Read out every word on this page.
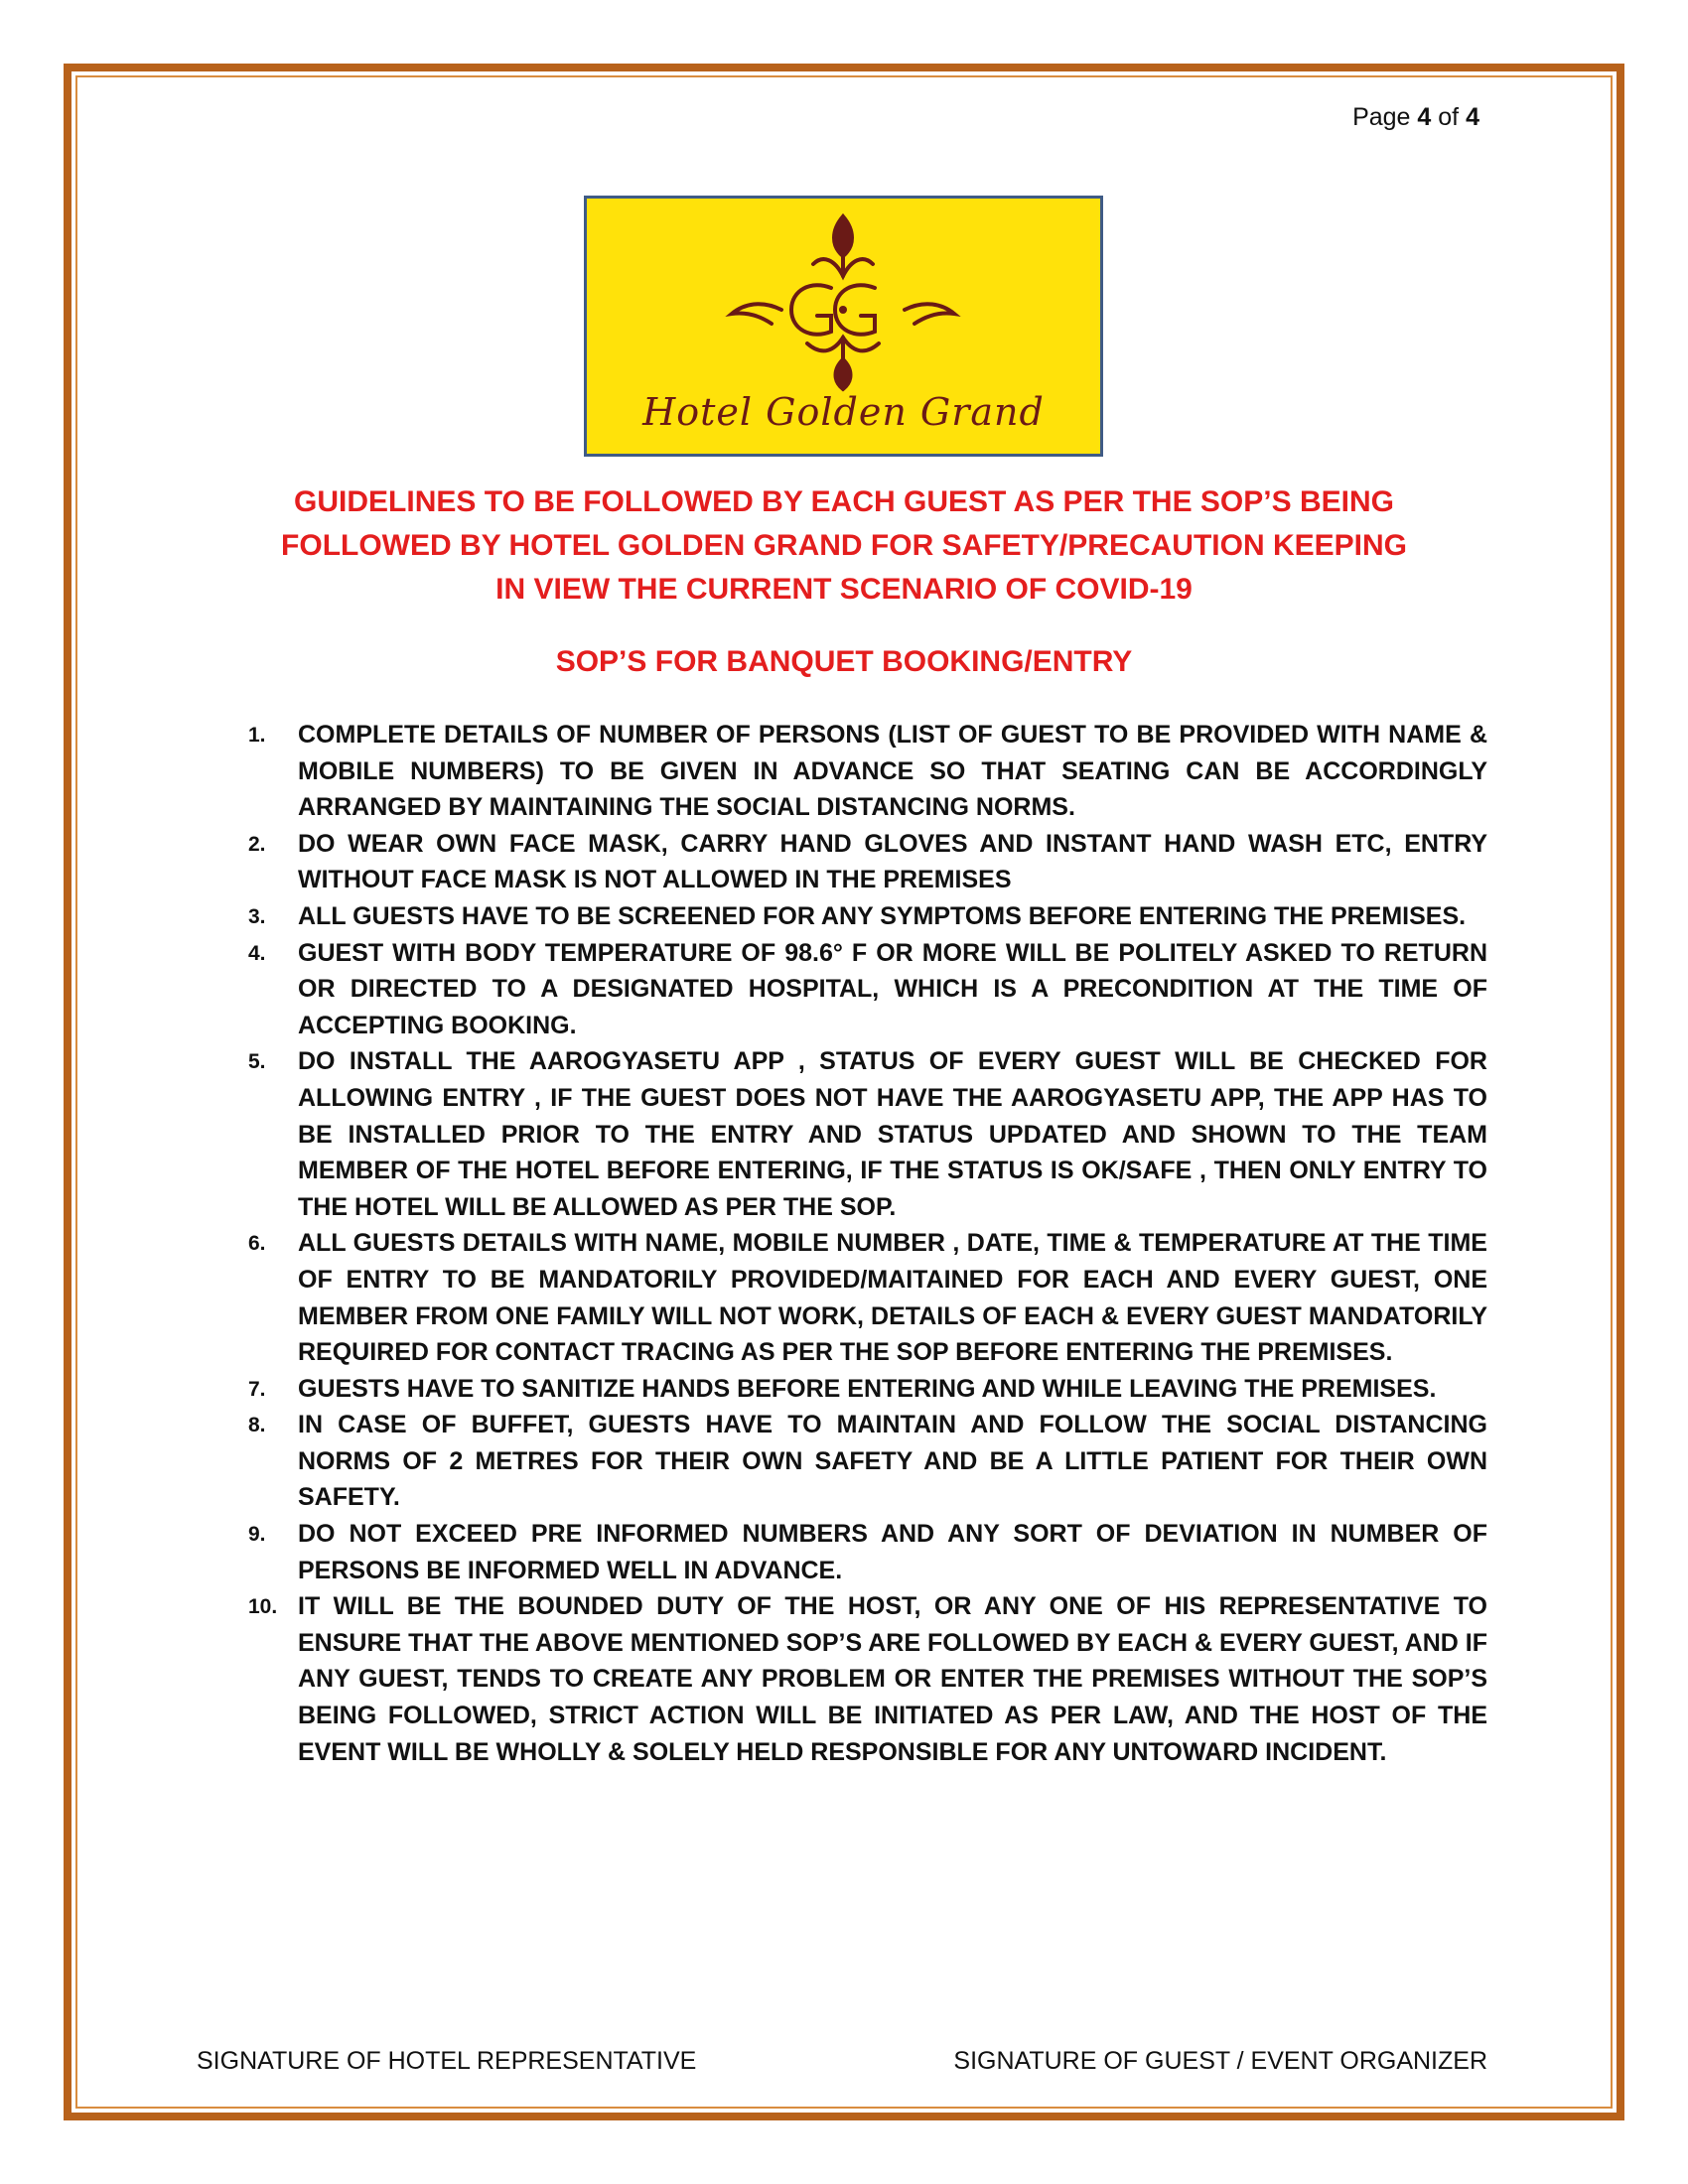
Page 4 of 4
Hotel Golden Grand
GUIDELINES TO BE FOLLOWED BY EACH GUEST AS PER THE SOP’S BEING
FOLLOWED BY HOTEL GOLDEN GRAND FOR SAFETY/PRECAUTION KEEPING
IN VIEW THE CURRENT SCENARIO OF COVID-19
SOP’S FOR BANQUET BOOKING/ENTRY
1. COMPLETE DETAILS OF NUMBER OF PERSONS (LIST OF GUEST TO BE PROVIDED WITH NAME & MOBILE NUMBERS) TO BE GIVEN IN ADVANCE SO THAT SEATING CAN BE ACCORDINGLY ARRANGED BY MAINTAINING THE SOCIAL DISTANCING NORMS.
2. DO WEAR OWN FACE MASK, CARRY HAND GLOVES AND INSTANT HAND WASH ETC, ENTRY WITHOUT FACE MASK IS NOT ALLOWED IN THE PREMISES
3. ALL GUESTS HAVE TO BE SCREENED FOR ANY SYMPTOMS BEFORE ENTERING THE PREMISES.
4. GUEST WITH BODY TEMPERATURE OF 98.6° F OR MORE WILL BE POLITELY ASKED TO RETURN OR DIRECTED TO A DESIGNATED HOSPITAL, WHICH IS A PRECONDITION AT THE TIME OF ACCEPTING BOOKING.
5. DO INSTALL THE AAROGYASETU APP , STATUS OF EVERY GUEST WILL BE CHECKED FOR ALLOWING ENTRY , IF THE GUEST DOES NOT HAVE THE AAROGYASETU APP, THE APP HAS TO BE INSTALLED PRIOR TO THE ENTRY AND STATUS UPDATED AND SHOWN TO THE TEAM MEMBER OF THE HOTEL BEFORE ENTERING, IF THE STATUS IS OK/SAFE , THEN ONLY ENTRY TO THE HOTEL WILL BE ALLOWED AS PER THE SOP.
6. ALL GUESTS DETAILS WITH NAME, MOBILE NUMBER , DATE, TIME & TEMPERATURE AT THE TIME OF ENTRY TO BE MANDATORILY PROVIDED/MAITAINED FOR EACH AND EVERY GUEST, ONE MEMBER FROM ONE FAMILY WILL NOT WORK, DETAILS OF EACH & EVERY GUEST MANDATORILY REQUIRED FOR CONTACT TRACING AS PER THE SOP BEFORE ENTERING THE PREMISES.
7. GUESTS HAVE TO SANITIZE HANDS BEFORE ENTERING AND WHILE LEAVING THE PREMISES.
8. IN CASE OF BUFFET, GUESTS HAVE TO MAINTAIN AND FOLLOW THE SOCIAL DISTANCING NORMS OF 2 METRES FOR THEIR OWN SAFETY AND BE A LITTLE PATIENT FOR THEIR OWN SAFETY.
9. DO NOT EXCEED PRE INFORMED NUMBERS AND ANY SORT OF DEVIATION IN NUMBER OF PERSONS BE INFORMED WELL IN ADVANCE.
10. IT WILL BE THE BOUNDED DUTY OF THE HOST, OR ANY ONE OF HIS REPRESENTATIVE TO ENSURE THAT THE ABOVE MENTIONED SOP’S ARE FOLLOWED BY EACH & EVERY GUEST, AND IF ANY GUEST, TENDS TO CREATE ANY PROBLEM OR ENTER THE PREMISES WITHOUT THE SOP’S BEING FOLLOWED, STRICT ACTION WILL BE INITIATED AS PER LAW, AND THE HOST OF THE EVENT WILL BE WHOLLY & SOLELY HELD RESPONSIBLE FOR ANY UNTOWARD INCIDENT.
SIGNATURE OF HOTEL REPRESENTATIVE	SIGNATURE OF GUEST / EVENT ORGANIZER
